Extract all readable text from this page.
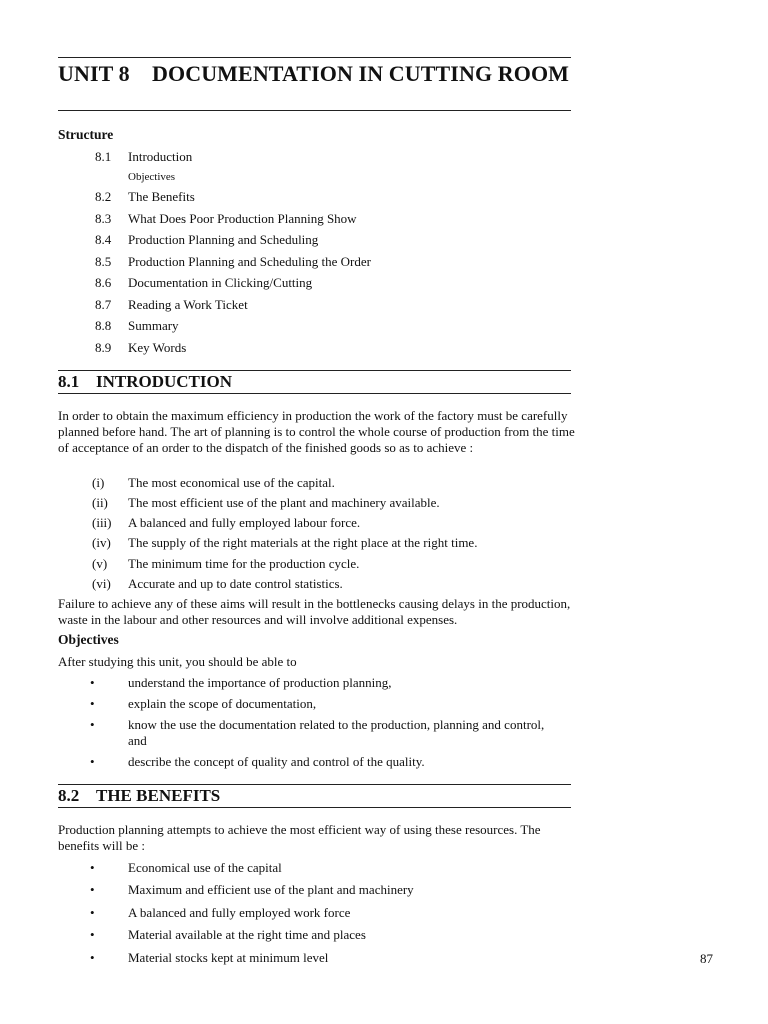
UNIT 8 DOCUMENTATION IN CUTTING ROOM
Structure
8.1 Introduction
Objectives
8.2 The Benefits
8.3 What Does Poor Production Planning Show
8.4 Production Planning and Scheduling
8.5 Production Planning and Scheduling the Order
8.6 Documentation in Clicking/Cutting
8.7 Reading a Work Ticket
8.8 Summary
8.9 Key Words
8.1 INTRODUCTION
In order to obtain the maximum efficiency in production the work of the factory must be carefully planned before hand. The art of planning is to control the whole course of production from the time of acceptance of an order to the dispatch of the finished goods so as to achieve :
(i) The most economical use of the capital.
(ii) The most efficient use of the plant and machinery available.
(iii) A balanced and fully employed labour force.
(iv) The supply of the right materials at the right place at the right time.
(v) The minimum time for the production cycle.
(vi) Accurate and up to date control statistics.
Failure to achieve any of these aims will result in the bottlenecks causing delays in the production, waste in the labour and other resources and will involve additional expenses.
Objectives
After studying this unit, you should be able to
•	understand the importance of production planning,
•	explain the scope of documentation,
•	know the use the documentation related to the production, planning and control, and
•	describe the concept of quality and control of the quality.
8.2 THE BENEFITS
Production planning attempts to achieve the most efficient way of using these resources. The benefits will be :
•	Economical use of the capital
•	Maximum and efficient use of the plant and machinery
•	A balanced and fully employed work force
•	Material available at the right time and places
•	Material stocks kept at minimum level	87
